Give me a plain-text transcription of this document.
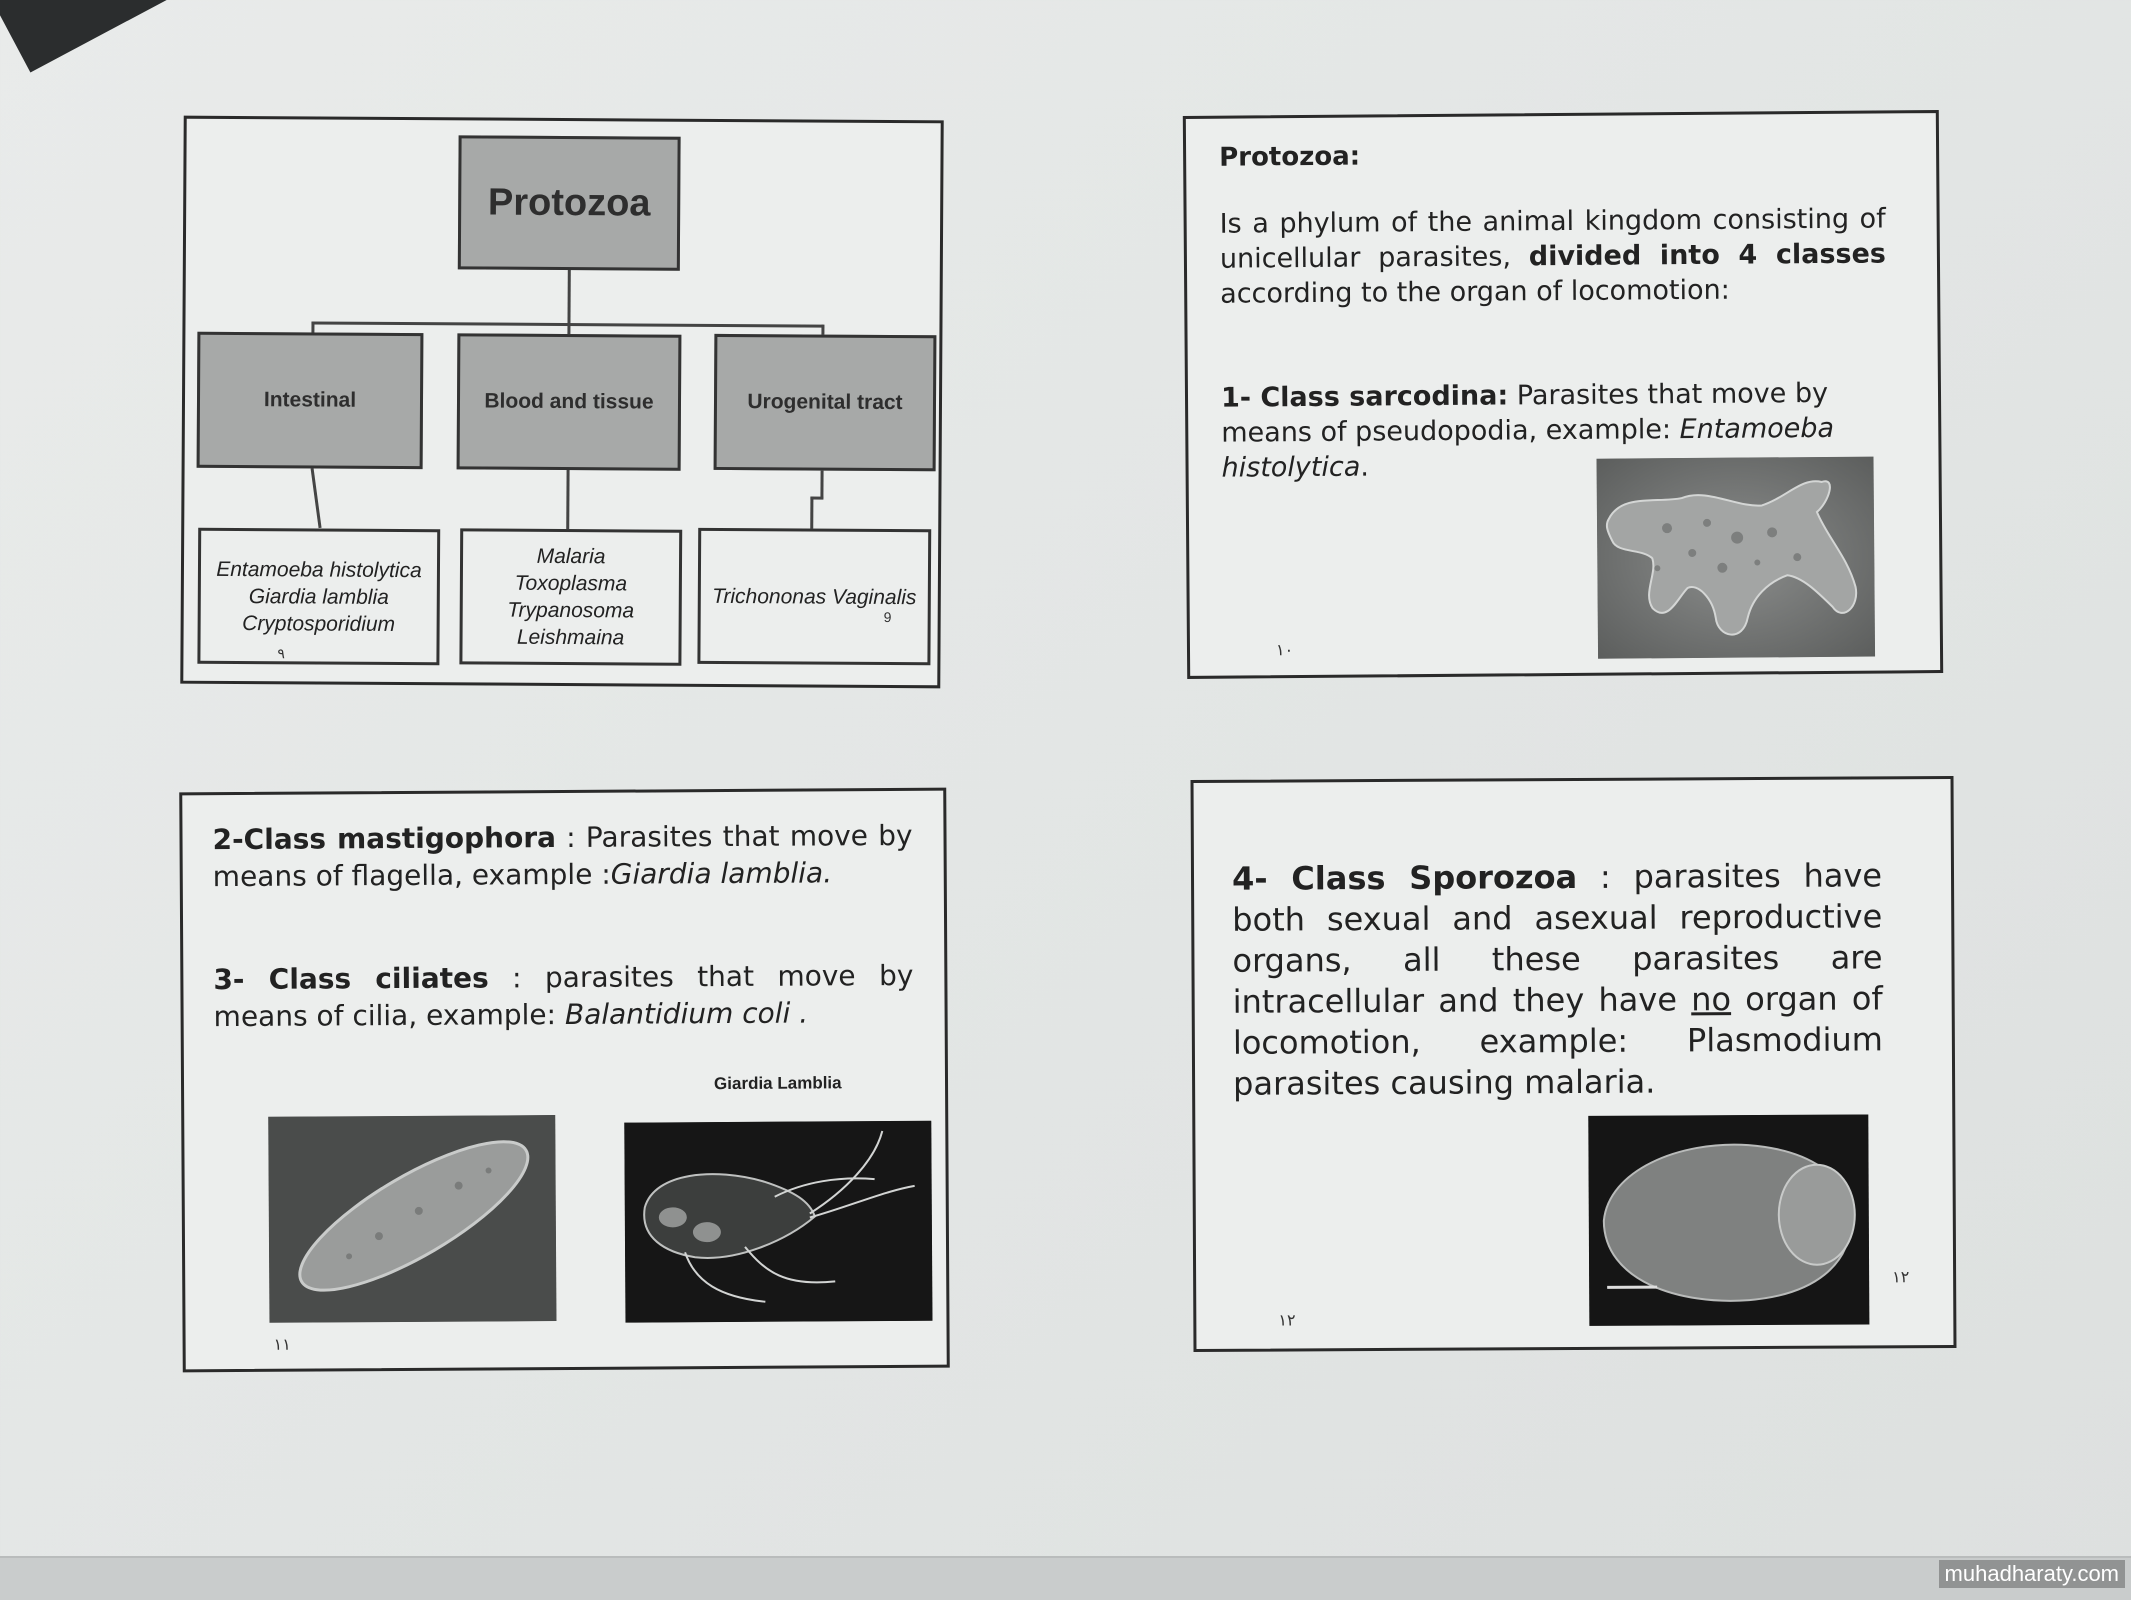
Protozoa
Intestinal	Blood and tissue	Urogenital tract
Entamoeba histolytica
Giardia lamblia
Cryptosporidium
Malaria
Toxoplasma
Trypanosoma
Leishmaina
Trichononas Vaginalis
٩
9
Protozoa:
Is a phylum of the animal kingdom consisting of unicellular parasites, divided into 4 classes according to the organ of locomotion:
1- Class sarcodina: Parasites that move by means of pseudopodia, example: Entamoeba histolytica.
١٠
2-Class mastigophora : Parasites that move by means of flagella, example :Giardia lamblia.
3- Class ciliates : parasites that move by means of cilia, example: Balantidium coli .
Giardia Lamblia
١١
4- Class Sporozoa : parasites have both sexual and asexual reproductive organs, all these parasites are intracellular and they have no organ of locomotion, example: Plasmodium parasites causing malaria.
١٢
١٢
muhadharaty.com
